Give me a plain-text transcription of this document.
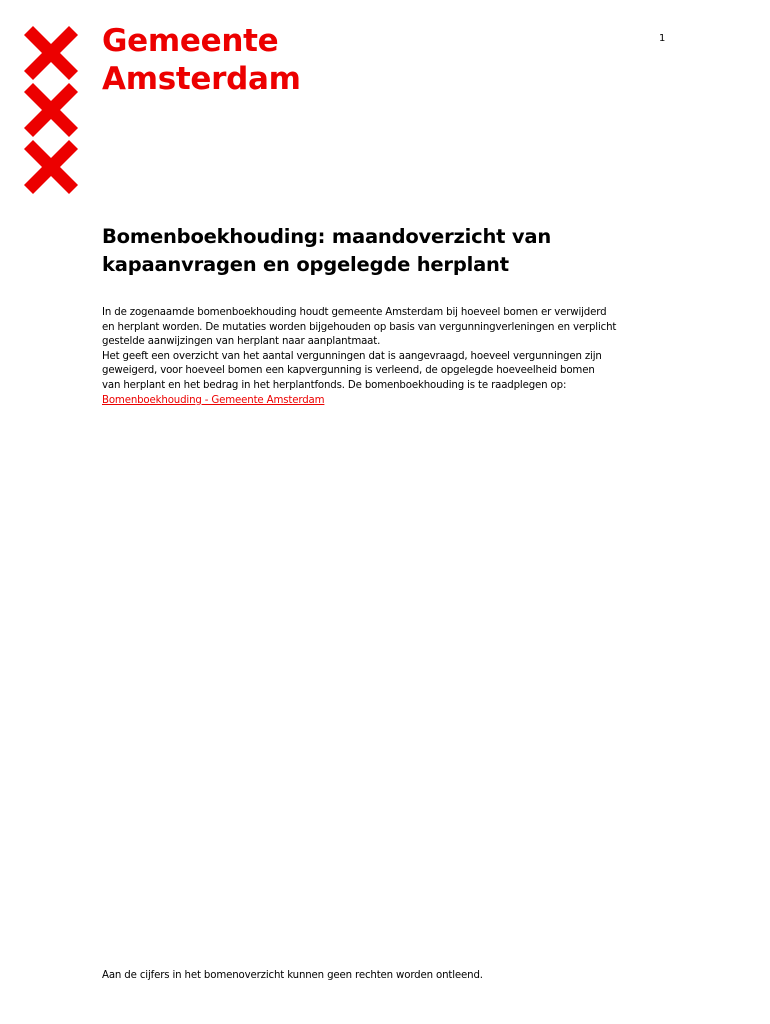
Gemeente
Amsterdam
1
Bomenboekhouding: maandoverzicht van
kapaanvragen en opgelegde herplant
In de zogenaamde bomenboekhouding houdt gemeente Amsterdam bij hoeveel bomen er verwijderd
en herplant worden. De mutaties worden bijgehouden op basis van vergunningverleningen en verplicht
gestelde aanwijzingen van herplant naar aanplantmaat.
Het geeft een overzicht van het aantal vergunningen dat is aangevraagd, hoeveel vergunningen zijn
geweigerd, voor hoeveel bomen een kapvergunning is verleend, de opgelegde hoeveelheid bomen
van herplant en het bedrag in het herplantfonds. De bomenboekhouding is te raadplegen op:
Bomenboekhouding - Gemeente Amsterdam
Aan de cijfers in het bomenoverzicht kunnen geen rechten worden ontleend.
